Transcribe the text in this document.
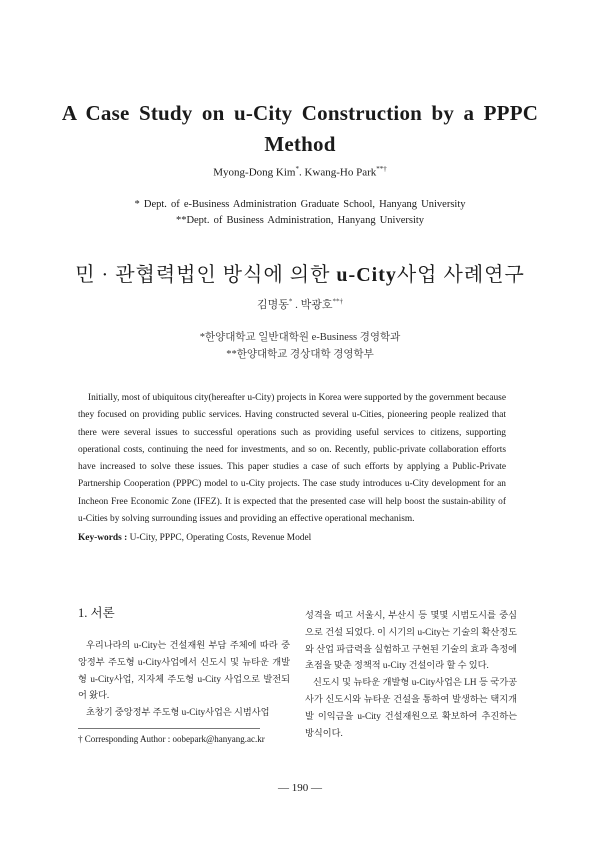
A Case Study on u-City Construction by a PPPC
Method
Myong-Dong Kim*. Kwang-Ho Park**†
* Dept. of e-Business Administration Graduate School, Hanyang University
**Dept. of Business Administration, Hanyang University
민 · 관협력법인 방식에 의한 u-City사업 사례연구
김명동* . 박광호**†
*한양대학교 일반대학원 e-Business 경영학과
**한양대학교 경상대학 경영학부
Initially, most of ubiquitous city(hereafter u-City) projects in Korea were supported by the government because they focused on providing public services. Having constructed several u-Cities, pioneering people realized that there were several issues to successful operations such as providing useful services to citizens, supporting operational costs, continuing the need for investments, and so on. Recently, public-private collaboration efforts have increased to solve these issues. This paper studies a case of such efforts by applying a Public-Private Partnership Cooperation (PPPC) model to u-City projects. The case study introduces u-City development for an Incheon Free Economic Zone (IFEZ). It is expected that the presented case will help boost the sustain-ability of u-Cities by solving surrounding issues and providing an effective operational mechanism.
Key-words : U-City, PPPC, Operating Costs, Revenue Model
1. 서론

우리나라의 u-City는 건설재원 부담 주체에 따라 중앙정부 주도형 u-City사업에서 신도시 및 뉴타운 개발형 u-City사업, 지자체 주도형 u-City 사업으로 발전되어 왔다.

초창기 중앙정부 주도형 u-City사업은 시범사업

성격을 띠고 서울시, 부산시 등 몇몇 시범도시를 중심으로 건설 되었다. 이 시기의 u-City는 기술의 확산정도와 산업 파급력을 실험하고 구현된 기술의 효과 측정에 초점을 맞춘 정책적 u-City 건설이라 할 수 있다.

신도시 및 뉴타운 개발형 u-City사업은 LH 등 국가공사가 신도시와 뉴타운 건설을 통하여 발생하는 택지개발 이익금을 u-City 건설재원으로 확보하여 추진하는 방식이다.

† Corresponding Author : oobepark@hanyang.ac.kr
— 190 —
